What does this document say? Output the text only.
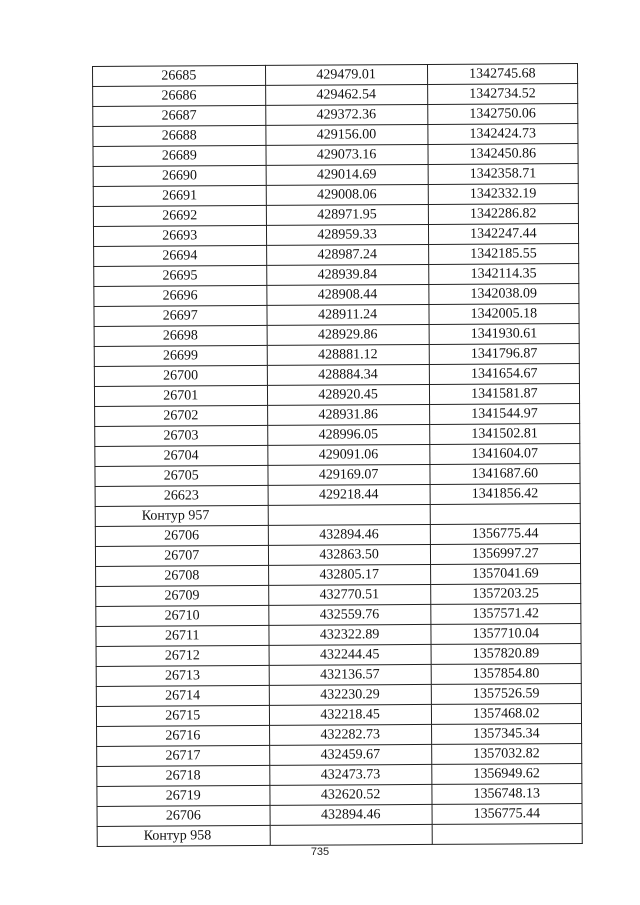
26685	429479.01	1342745.68
26686	429462.54	1342734.52
26687	429372.36	1342750.06
26688	429156.00	1342424.73
26689	429073.16	1342450.86
26690	429014.69	1342358.71
26691	429008.06	1342332.19
26692	428971.95	1342286.82
26693	428959.33	1342247.44
26694	428987.24	1342185.55
26695	428939.84	1342114.35
26696	428908.44	1342038.09
26697	428911.24	1342005.18
26698	428929.86	1341930.61
26699	428881.12	1341796.87
26700	428884.34	1341654.67
26701	428920.45	1341581.87
26702	428931.86	1341544.97
26703	428996.05	1341502.81
26704	429091.06	1341604.07
26705	429169.07	1341687.60
26623	429218.44	1341856.42
Контур 957		
26706	432894.46	1356775.44
26707	432863.50	1356997.27
26708	432805.17	1357041.69
26709	432770.51	1357203.25
26710	432559.76	1357571.42
26711	432322.89	1357710.04
26712	432244.45	1357820.89
26713	432136.57	1357854.80
26714	432230.29	1357526.59
26715	432218.45	1357468.02
26716	432282.73	1357345.34
26717	432459.67	1357032.82
26718	432473.73	1356949.62
26719	432620.52	1356748.13
26706	432894.46	1356775.44
Контур 958		
735
